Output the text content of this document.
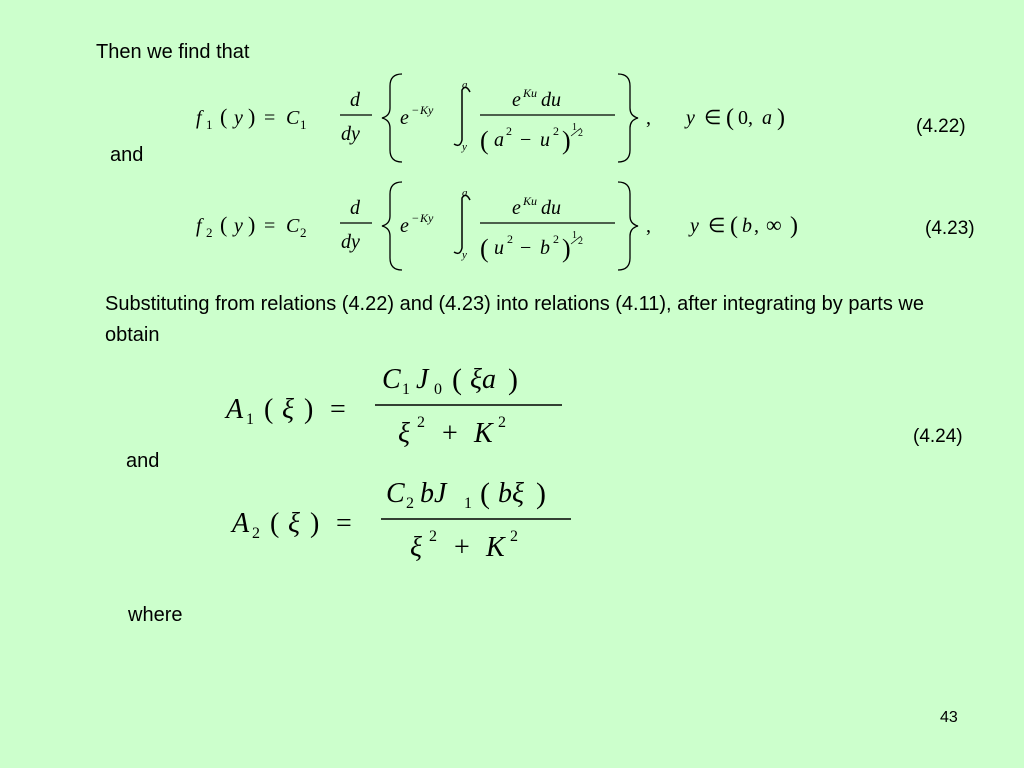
Then we find that
and
Substituting from relations (4.22) and (4.23) into relations (4.11), after integrating by parts we obtain
and
where
(4.22)
(4.23)
(4.24)
f 1 ( y ) = C 1
d
dy
e − Ky
a
y
e Ku du
( a 2 − u 2 ) 1
2
, y ∈ ( 0, a )
f 2 ( y ) = C 2
d
dy
e − Ky
a
y
e Ku du
( u 2 − b 2 ) 1
2
, y ∈ ( b , ∞ )
A 1 ( ξ ) =
C 1 J 0 ( ξa )
ξ 2 + K 2
A 2 ( ξ ) =
C 2 bJ 1 ( bξ )
ξ 2 + K 2
43
